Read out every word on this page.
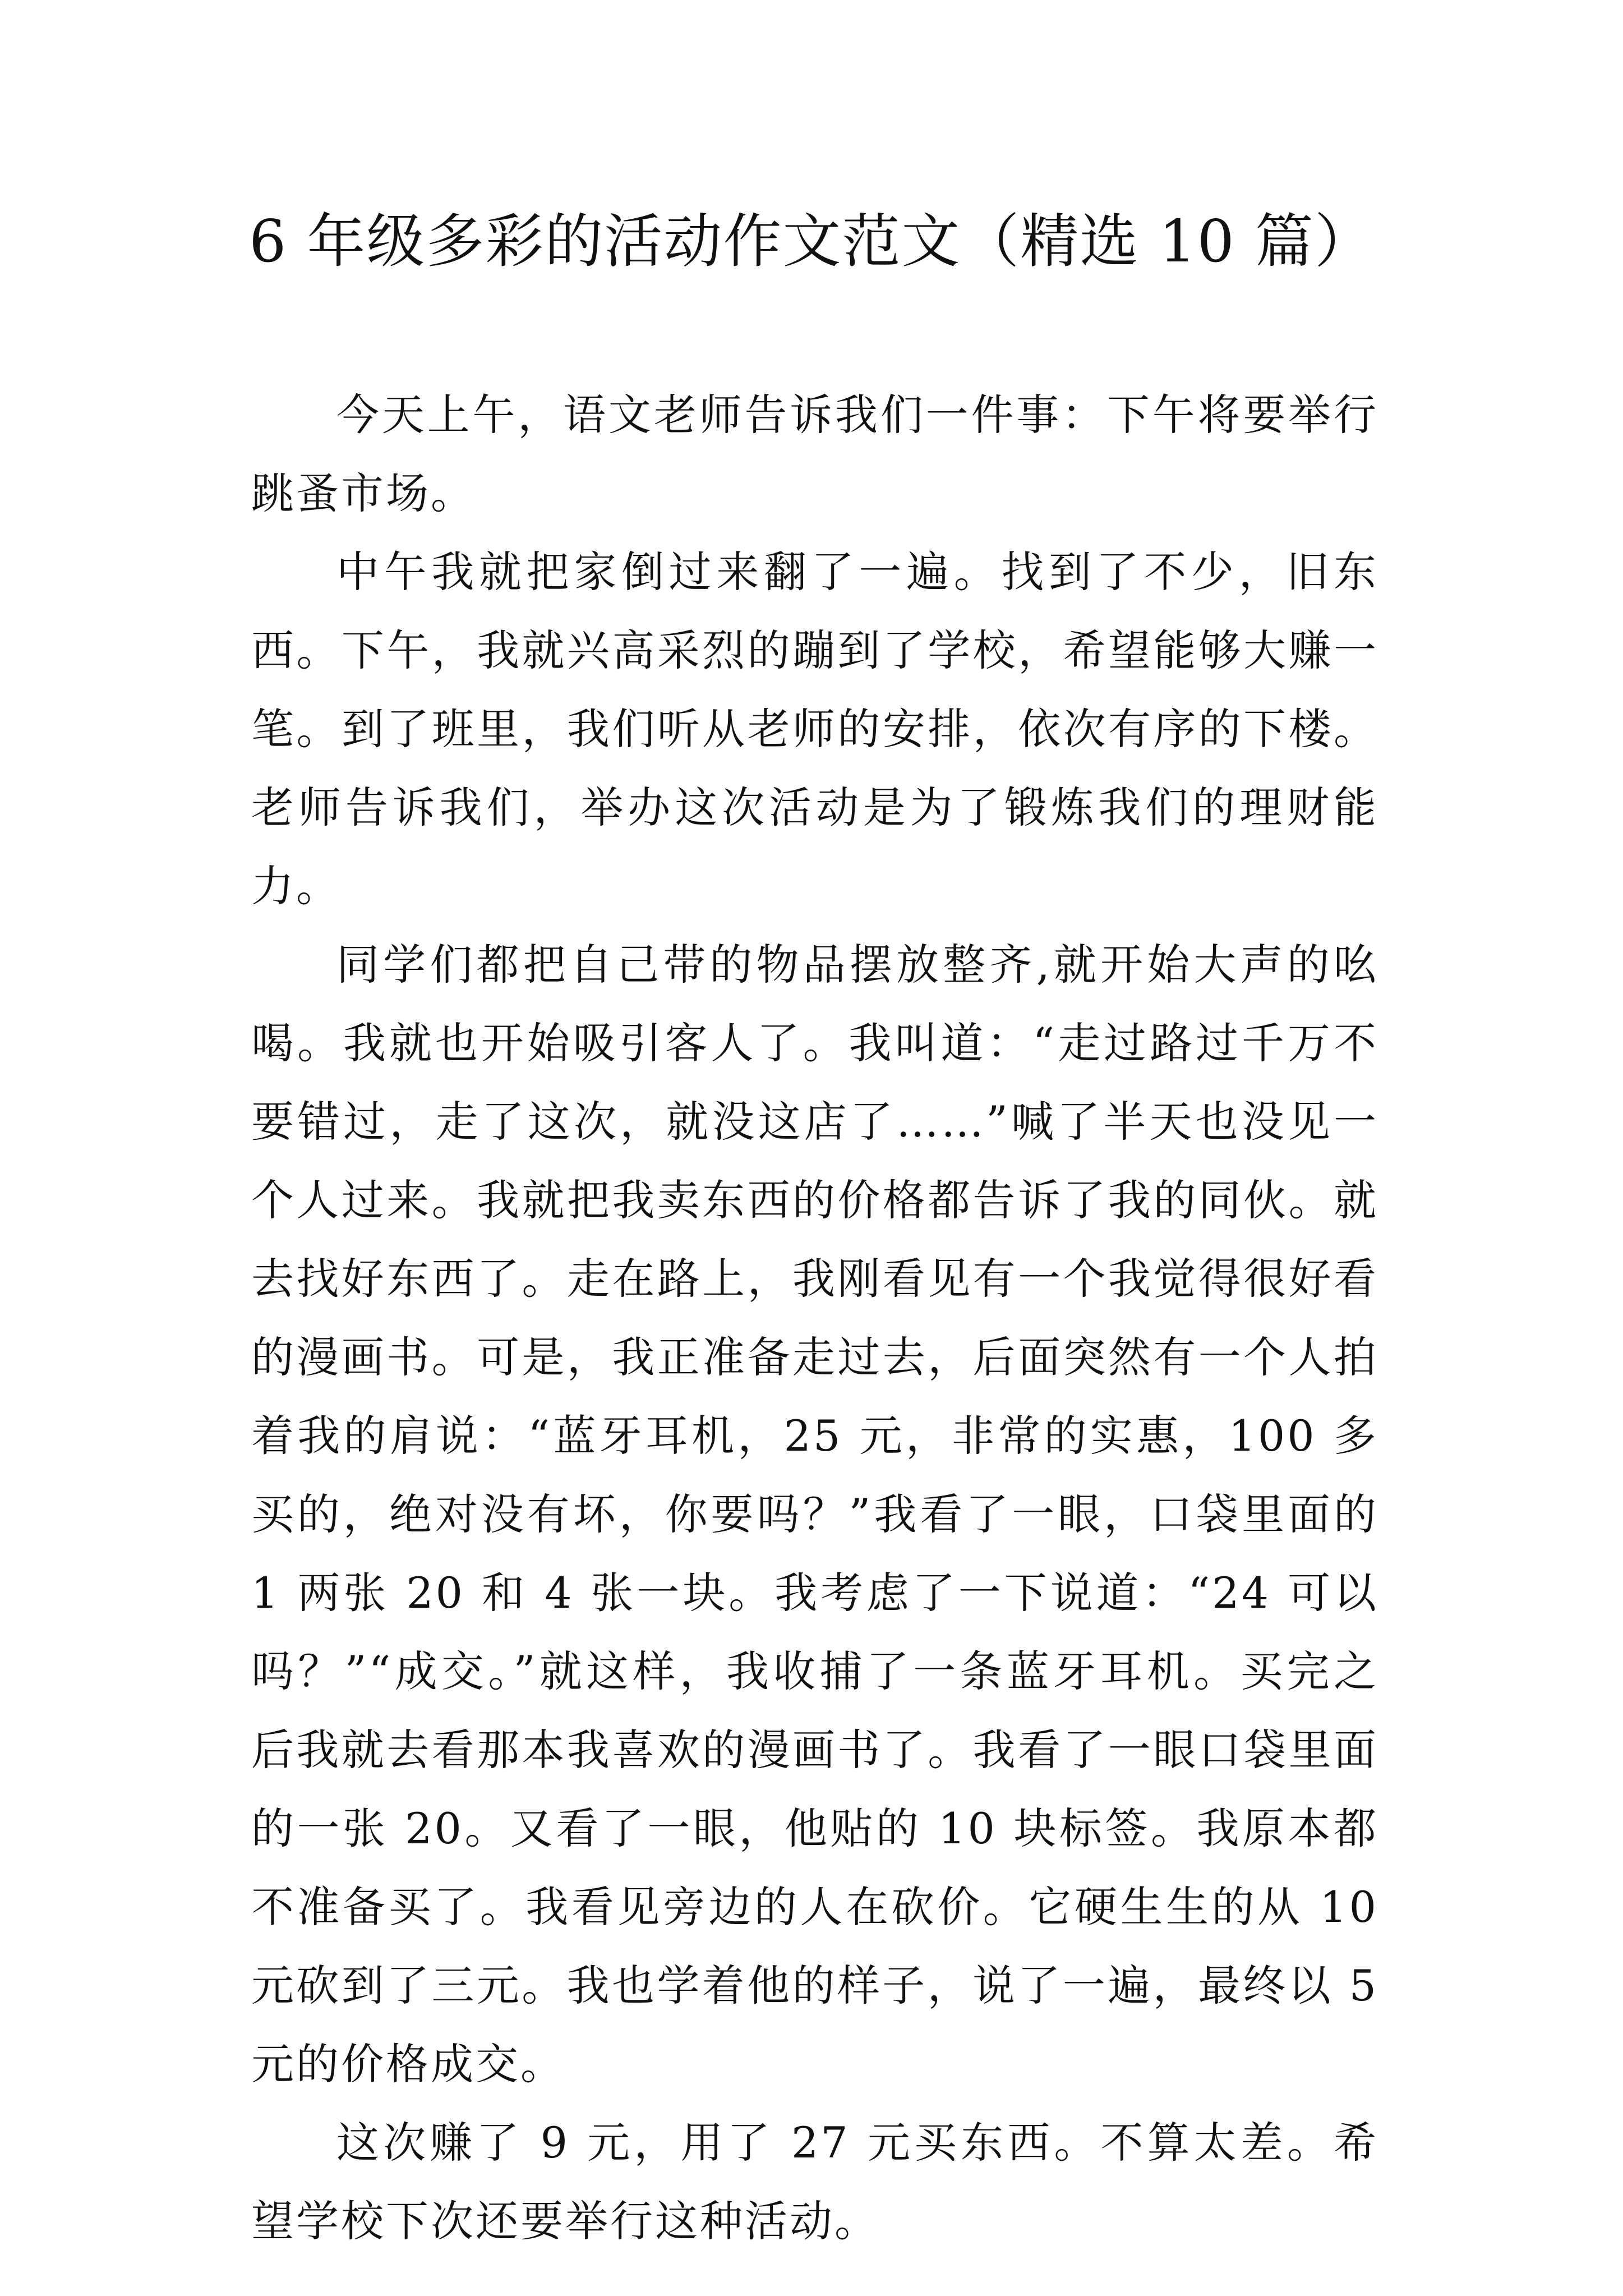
6 年级多彩的活动作文范文（精选 10 篇）

今天上午，语文老师告诉我们一件事：下午将要举行跳蚤市场。

中午我就把家倒过来翻了一遍。找到了不少，旧东西。下午，我就兴高采烈的蹦到了学校，希望能够大赚一笔。到了班里，我们听从老师的安排，依次有序的下楼。老师告诉我们，举办这次活动是为了锻炼我们的理财能力。

同学们都把自己带的物品摆放整齐,就开始大声的吆喝。我就也开始吸引客人了。我叫道：“走过路过千万不要错过，走了这次，就没这店了……”喊了半天也没见一个人过来。我就把我卖东西的价格都告诉了我的同伙。就去找好东西了。走在路上，我刚看见有一个我觉得很好看的漫画书。可是，我正准备走过去，后面突然有一个人拍着我的肩说：“蓝牙耳机，25 元，非常的实惠，100 多买的，绝对没有坏，你要吗？”我看了一眼，口袋里面的 1 两张 20 和 4 张一块。我考虑了一下说道：“24 可以吗？”“成交。”就这样，我收捕了一条蓝牙耳机。买完之后我就去看那本我喜欢的漫画书了。我看了一眼口袋里面的一张 20。又看了一眼，他贴的 10 块标签。我原本都不准备买了。我看见旁边的人在砍价。它硬生生的从 10 元砍到了三元。我也学着他的样子，说了一遍，最终以 5 元的价格成交。

这次赚了 9 元，用了 27 元买东西。不算太差。希望学校下次还要举行这种活动。
